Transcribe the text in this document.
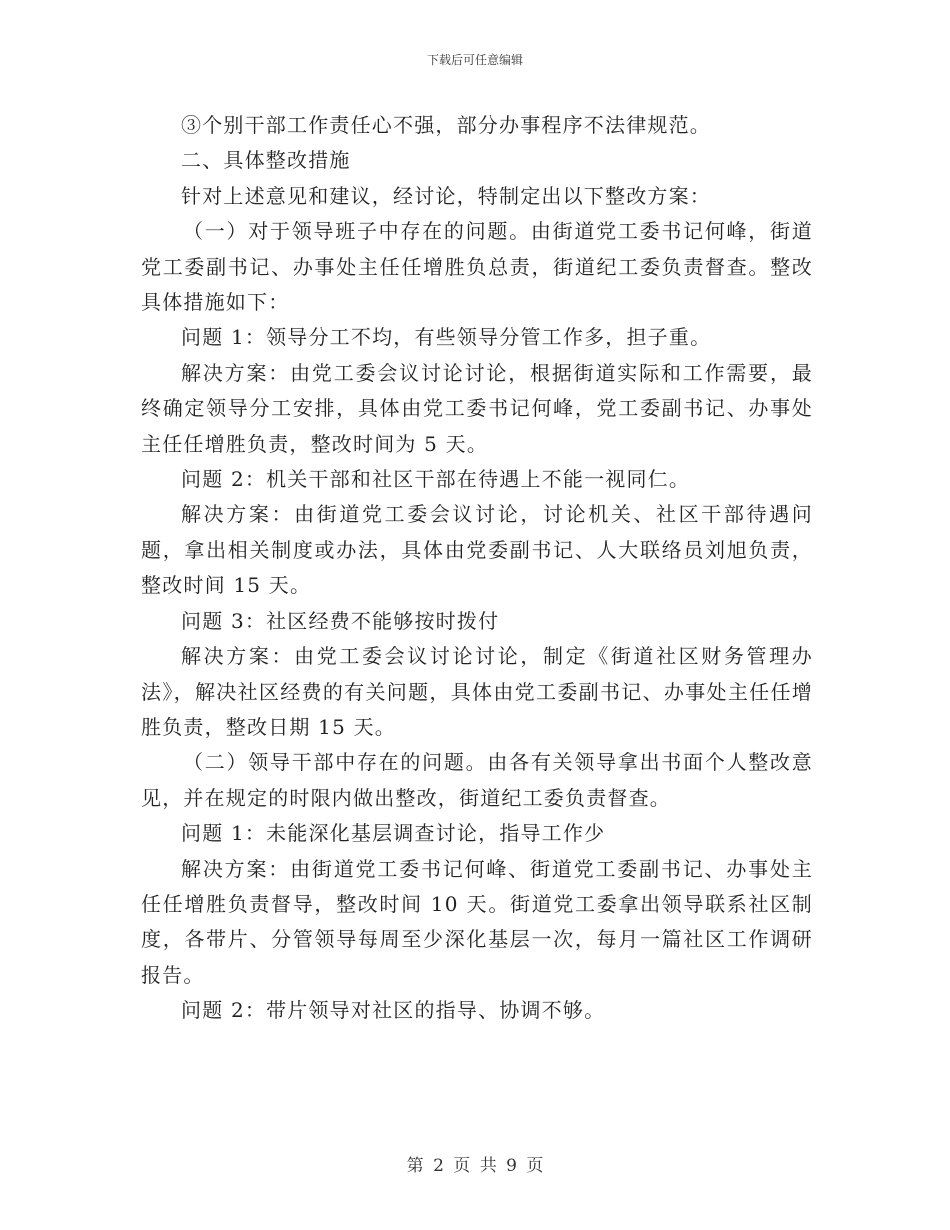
下载后可任意编辑

③个别干部工作责任心不强，部分办事程序不法律规范。

二、具体整改措施

针对上述意见和建议，经讨论，特制定出以下整改方案：

（一）对于领导班子中存在的问题。由街道党工委书记何峰，街道党工委副书记、办事处主任任增胜负总责，街道纪工委负责督查。整改具体措施如下：

问题 1：领导分工不均，有些领导分管工作多，担子重。

解决方案：由党工委会议讨论讨论，根据街道实际和工作需要，最终确定领导分工安排，具体由党工委书记何峰，党工委副书记、办事处主任任增胜负责，整改时间为 5 天。

问题 2：机关干部和社区干部在待遇上不能一视同仁。

解决方案：由街道党工委会议讨论，讨论机关、社区干部待遇问题，拿出相关制度或办法，具体由党委副书记、人大联络员刘旭负责，整改时间 15 天。

问题 3：社区经费不能够按时拨付

解决方案：由党工委会议讨论讨论，制定《街道社区财务管理办法》，解决社区经费的有关问题，具体由党工委副书记、办事处主任任增胜负责，整改日期 15 天。

（二）领导干部中存在的问题。由各有关领导拿出书面个人整改意见，并在规定的时限内做出整改，街道纪工委负责督查。

问题 1：未能深化基层调查讨论，指导工作少

解决方案：由街道党工委书记何峰、街道党工委副书记、办事处主任任增胜负责督导，整改时间 10 天。街道党工委拿出领导联系社区制度，各带片、分管领导每周至少深化基层一次，每月一篇社区工作调研报告。

问题 2：带片领导对社区的指导、协调不够。

第 2 页 共 9 页
